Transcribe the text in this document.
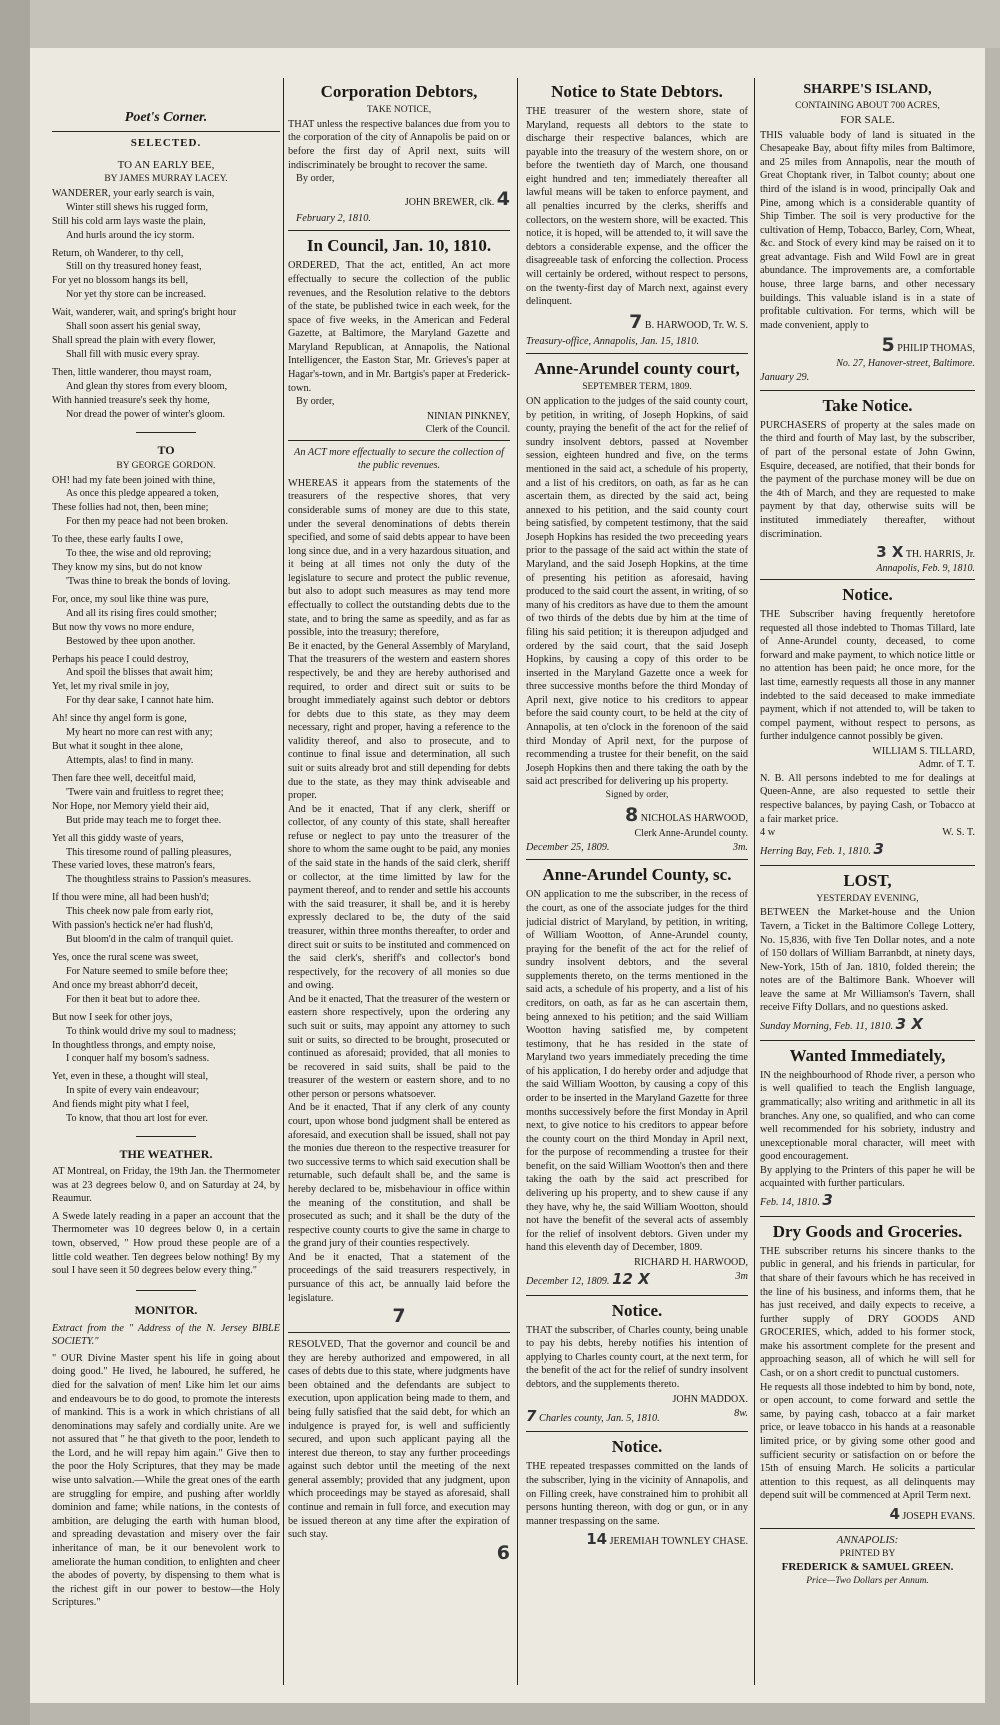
Poet's Corner.
SELECTED.
TO AN EARLY BEE,
BY JAMES MURRAY LACEY.

WANDERER, your early search is vain,

Winter still shews his rugged form,

Still his cold arm lays waste the plain,

And hurls around the icy storm.

Return, oh Wanderer, to thy cell,

Still on thy treasured honey feast,

For yet no blossom hangs its bell,

Nor yet thy store can be increased.

Wait, wanderer, wait, and spring's bright hour

Shall soon assert his genial sway,

Shall spread the plain with every flower,

Shall fill with music every spray.

Then, little wanderer, thou mayst roam,

And glean thy stores from every bloom,

With hannied treasure's seek thy home,

Nor dread the power of winter's gloom.

TO
BY GEORGE GORDON.

OH! had my fate been joined with thine,

As once this pledge appeared a token,

These follies had not, then, been mine;

For then my peace had not been broken.

To thee, these early faults I owe,

To thee, the wise and old reproving;

They know my sins, but do not know

'Twas thine to break the bonds of loving.

For, once, my soul like thine was pure,

And all its rising fires could smother;

But now thy vows no more endure,

Bestowed by thee upon another.

Perhaps his peace I could destroy,

And spoil the blisses that await him;

Yet, let my rival smile in joy,

For thy dear sake, I cannot hate him.

Ah! since thy angel form is gone,

My heart no more can rest with any;

But what it sought in thee alone,

Attempts, alas! to find in many.

Then fare thee well, deceitful maid,

'Twere vain and fruitless to regret thee;

Nor Hope, nor Memory yield their aid,

But pride may teach me to forget thee.

Yet all this giddy waste of years,

This tiresome round of palling pleasures,

These varied loves, these matron's fears,

The thoughtless strains to Passion's measures.

If thou were mine, all had been hush'd;

This cheek now pale from early riot,

With passion's hectick ne'er had flush'd,

But bloom'd in the calm of tranquil quiet.

Yes, once the rural scene was sweet,

For Nature seemed to smile before thee;

And once my breast abhorr'd deceit,

For then it beat but to adore thee.

But now I seek for other joys,

To think would drive my soul to madness;

In thoughtless throngs, and empty noise,

I conquer half my bosom's sadness.

Yet, even in these, a thought will steal,

In spite of every vain endeavour;

And fiends might pity what I feel,

To know, that thou art lost for ever.

THE WEATHER.

AT Montreal, on Friday, the 19th Jan. the Thermometer was at 23 degrees below 0, and on Saturday at 24, by Reaumur.

A Swede lately reading in a paper an account that the Thermometer was 10 degrees below 0, in a certain town, observed, " How proud these people are of a little cold weather. Ten degrees below nothing! By my soul I have seen it 50 degrees below every thing."

MONITOR.

Extract from the " Address of the N. Jersey BIBLE SOCIETY."

" OUR Divine Master spent his life in going about doing good." He lived, he laboured, he suffered, he died for the salvation of men! Like him let our aims and endeavours be to do good, to promote the interests of mankind. This is a work in which christians of all denominations may safely and cordially unite. Are we not assured that " he that giveth to the poor, lendeth to the Lord, and he will repay him again." Give then to the poor the Holy Scriptures, that they may be made wise unto salvation.—While the great ones of the earth are struggling for empire, and pushing after worldly dominion and fame; while nations, in the contests of ambition, are deluging the earth with human blood, and spreading devastation and misery over the fair inheritance of man, be it our benevolent work to ameliorate the human condition, to enlighten and cheer the abodes of poverty, by dispensing to them what is the richest gift in our power to bestow—the Holy Scriptures."

Corporation Debtors,
TAKE NOTICE,

THAT unless the respective balances due from you to the corporation of the city of Annapolis be paid on or before the first day of April next, suits will indiscriminately be brought to recover the same.

By order,

JOHN BREWER, clk. 4

February 2, 1810.

In Council, Jan. 10, 1810.

ORDERED, That the act, entitled, An act more effectually to secure the collection of the public revenues, and the Resolution relative to the debtors of the state, be published twice in each week, for the space of five weeks, in the American and Federal Gazette, at Baltimore, the Maryland Gazette and Maryland Republican, at Annapolis, the National Intelligencer, the Easton Star, Mr. Grieves's paper at Hagar's-town, and in Mr. Bartgis's paper at Frederick-town.

By order,

NINIAN PINKNEY,
Clerk of the Council.

An ACT more effectually to secure the collection of the public revenues.

WHEREAS it appears from the statements of the treasurers of the respective shores, that very considerable sums of money are due to this state, under the several denominations of debts therein specified, and some of said debts appear to have been long since due, and in a very hazardous situation, and it being at all times not only the duty of the legislature to secure and protect the public revenue, but also to adopt such measures as may tend more effectually to collect the outstanding debts due to the state, and to bring the same as speedily, and as far as possible, into the treasury; therefore,

Be it enacted, by the General Assembly of Maryland, That the treasurers of the western and eastern shores respectively, be and they are hereby authorised and required, to order and direct suit or suits to be brought immediately against such debtor or debtors for debts due to this state, as they may deem necessary, right and proper, having a reference to the validity thereof, and also to prosecute, and to continue to final issue and determination, all such suit or suits already brot and still depending for debts due to the state, as they may think adviseable and proper.

And be it enacted, That if any clerk, sheriff or collector, of any county of this state, shall hereafter refuse or neglect to pay unto the treasurer of the shore to whom the same ought to be paid, any monies of the said state in the hands of the said clerk, sheriff or collector, at the time limitted by law for the payment thereof, and to render and settle his accounts with the said treasurer, it shall be, and it is hereby expressly declared to be, the duty of the said treasurer, within three months thereafter, to order and direct suit or suits to be instituted and commenced on the said clerk's, sheriff's and collector's bond respectively, for the recovery of all monies so due and owing.

And be it enacted, That the treasurer of the western or eastern shore respectively, upon the ordering any such suit or suits, may appoint any attorney to such suit or suits, so directed to be brought, prosecuted or continued as aforesaid; provided, that all monies to be recovered in said suits, shall be paid to the treasurer of the western or eastern shore, and to no other person or persons whatsoever.

And be it enacted, That if any clerk of any county court, upon whose bond judgment shall be entered as aforesaid, and execution shall be issued, shall not pay the monies due thereon to the respective treasurer for two successive terms to which said execution shall be returnable, such default shall be, and the same is hereby declared to be, misbehaviour in office within the meaning of the constitution, and shall be prosecuted as such; and it shall be the duty of the respective county courts to give the same in charge to the grand jury of their counties respectively.

And be it enacted, That a statement of the proceedings of the said treasurers respectively, in pursuance of this act, be annually laid before the legislature.

7

RESOLVED, That the governor and council be and they are hereby authorized and empowered, in all cases of debts due to this state, where judgments have been obtained and the defendants are subject to execution, upon application being made to them, and being fully satisfied that the said debt, for which an indulgence is prayed for, is well and sufficiently secured, and upon such applicant paying all the interest due thereon, to stay any further proceedings against such debtor until the meeting of the next general assembly; provided that any judgment, upon which proceedings may be stayed as aforesaid, shall continue and remain in full force, and execution may be issued thereon at any time after the expiration of such stay.

6
Notice to State Debtors.

THE treasurer of the western shore, state of Maryland, requests all debtors to the state to discharge their respective balances, which are payable into the treasury of the western shore, on or before the twentieth day of March, one thousand eight hundred and ten; immediately thereafter all lawful means will be taken to enforce payment, and all penalties incurred by the clerks, sheriffs and collectors, on the western shore, will be exacted. This notice, it is hoped, will be attended to, it will save the debtors a considerable expense, and the officer the disagreeable task of enforcing the collection. Process will certainly be ordered, without respect to persons, on the twenty-first day of March next, against every delinquent.

7 B. HARWOOD, Tr. W. S.

Treasury-office, Annapolis, Jan. 15, 1810.

Anne-Arundel county court,
SEPTEMBER TERM, 1809.

ON application to the judges of the said county court, by petition, in writing, of Joseph Hopkins, of said county, praying the benefit of the act for the relief of sundry insolvent debtors, passed at November session, eighteen hundred and five, on the terms mentioned in the said act, a schedule of his property, and a list of his creditors, on oath, as far as he can ascertain them, as directed by the said act, being annexed to his petition, and the said county court being satisfied, by competent testimony, that the said Joseph Hopkins has resided the two preceeding years prior to the passage of the said act within the state of Maryland, and the said Joseph Hopkins, at the time of presenting his petition as aforesaid, having produced to the said court the assent, in writing, of so many of his creditors as have due to them the amount of two thirds of the debts due by him at the time of filing his said petition; it is thereupon adjudged and ordered by the said court, that the said Joseph Hopkins, by causing a copy of this order to be inserted in the Maryland Gazette once a week for three successive months before the third Monday of April next, give notice to his creditors to appear before the said county court, to be held at the city of Annapolis, at ten o'clock in the forenoon of the said third Monday of April next, for the purpose of recommending a trustee for their benefit, on the said Joseph Hopkins then and there taking the oath by the said act prescribed for delivering up his property.

Signed by order,
8 NICHOLAS HARWOOD,
Clerk Anne-Arundel county.

December 25, 1809.	3m.

Anne-Arundel County, sc.

ON application to me the subscriber, in the recess of the court, as one of the associate judges for the third judicial district of Maryland, by petition, in writing, of William Wootton, of Anne-Arundel county, praying for the benefit of the act for the relief of sundry insolvent debtors, and the several supplements thereto, on the terms mentioned in the said acts, a schedule of his property, and a list of his creditors, on oath, as far as he can ascertain them, being annexed to his petition; and the said William Wootton having satisfied me, by competent testimony, that he has resided in the state of Maryland two years immediately preceding the time of his application, I do hereby order and adjudge that the said William Wootton, by causing a copy of this order to be inserted in the Maryland Gazette for three months successively before the first Monday in April next, to give notice to his creditors to appear before the county court on the third Monday in April next, for the purpose of recommending a trustee for their benefit, on the said William Wootton's then and there taking the oath by the said act prescribed for delivering up his property, and to shew cause if any they have, why he, the said William Wootton, should not have the benefit of the several acts of assembly for the relief of insolvent debtors. Given under my hand this eleventh day of December, 1809.

RICHARD H. HARWOOD,

December 12, 1809. 12 X	3m

Notice.

THAT the subscriber, of Charles county, being unable to pay his debts, hereby notifies his intention of applying to Charles county court, at the next term, for the benefit of the act for the relief of sundry insolvent debtors, and the supplements thereto.

JOHN MADDOX.

7 Charles county, Jan. 5, 1810.	8w.

Notice.

THE repeated trespasses committed on the lands of the subscriber, lying in the vicinity of Annapolis, and on Filling creek, have constrained him to prohibit all persons hunting thereon, with dog or gun, or in any manner trespassing on the same.

14 JEREMIAH TOWNLEY CHASE.
SHARPE'S ISLAND,
CONTAINING ABOUT 700 ACRES,
FOR SALE.

THIS valuable body of land is situated in the Chesapeake Bay, about fifty miles from Baltimore, and 25 miles from Annapolis, near the mouth of Great Choptank river, in Talbot county; about one third of the island is in wood, principally Oak and Pine, among which is a considerable quantity of Ship Timber. The soil is very productive for the cultivation of Hemp, Tobacco, Barley, Corn, Wheat, &c. and Stock of every kind may be raised on it to great advantage. Fish and Wild Fowl are in great abundance. The improvements are, a comfortable house, three large barns, and other necessary buildings. This valuable island is in a state of profitable cultivation. For terms, which will be made convenient, apply to

5 PHILIP THOMAS,
No. 27, Hanover-street, Baltimore.

January 29.

Take Notice.

PURCHASERS of property at the sales made on the third and fourth of May last, by the subscriber, of part of the personal estate of John Gwinn, Esquire, deceased, are notified, that their bonds for the payment of the purchase money will be due on the 4th of March, and they are requested to make payment by that day, otherwise suits will be instituted immediately thereafter, without discrimination.

3 X TH. HARRIS, Jr.
Annapolis, Feb. 9, 1810.
Notice.

THE Subscriber having frequently heretofore requested all those indebted to Thomas Tillard, late of Anne-Arundel county, deceased, to come forward and make payment, to which notice little or no attention has been paid; he once more, for the last time, earnestly requests all those in any manner indebted to the said deceased to make immediate payment, which if not attended to, will be taken to compel payment, without respect to persons, as further indulgence cannot possibly be given.

WILLIAM S. TILLARD,
Admr. of T. T.

N. B. All persons indebted to me for dealings at Queen-Anne, are also requested to settle their respective balances, by paying Cash, or Tobacco at a fair market price.

4 w	W. S. T.

Herring Bay, Feb. 1, 1810. 3

LOST,
YESTERDAY EVENING,

BETWEEN the Market-house and the Union Tavern, a Ticket in the Baltimore College Lottery, No. 15,836, with five Ten Dollar notes, and a note of 150 dollars of William Barranbdt, at ninety days, New-York, 15th of Jan. 1810, folded therein; the notes are of the Baltimore Bank. Whoever will leave the same at Mr Williamson's Tavern, shall receive Fifty Dollars, and no questions asked.

Sunday Morning, Feb. 11, 1810. 3 X

Wanted Immediately,

IN the neighbourhood of Rhode river, a person who is well qualified to teach the English language, grammatically; also writing and arithmetic in all its branches. Any one, so qualified, and who can come well recommended for his sobriety, industry and unexceptionable moral character, will meet with good encouragement.

By applying to the Printers of this paper he will be acquainted with further particulars.

Feb. 14, 1810. 3

Dry Goods and Groceries.

THE subscriber returns his sincere thanks to the public in general, and his friends in particular, for that share of their favours which he has received in the line of his business, and informs them, that he has just received, and daily expects to receive, a further supply of DRY GOODS AND GROCERIES, which, added to his former stock, make his assortment complete for the present and approaching season, all of which he will sell for Cash, or on a short credit to punctual customers.

He requests all those indebted to him by bond, note, or open account, to come forward and settle the same, by paying cash, tobacco at a fair market price, or leave tobacco in his hands at a reasonable limited price, or by giving some other good and sufficient security or satisfaction on or before the 15th of ensuing March. He solicits a particular attention to this request, as all delinquents may depend suit will be commenced at April Term next.

4 JOSEPH EVANS.
ANNAPOLIS:
PRINTED BY
FREDERICK & SAMUEL GREEN.
Price—Two Dollars per Annum.
